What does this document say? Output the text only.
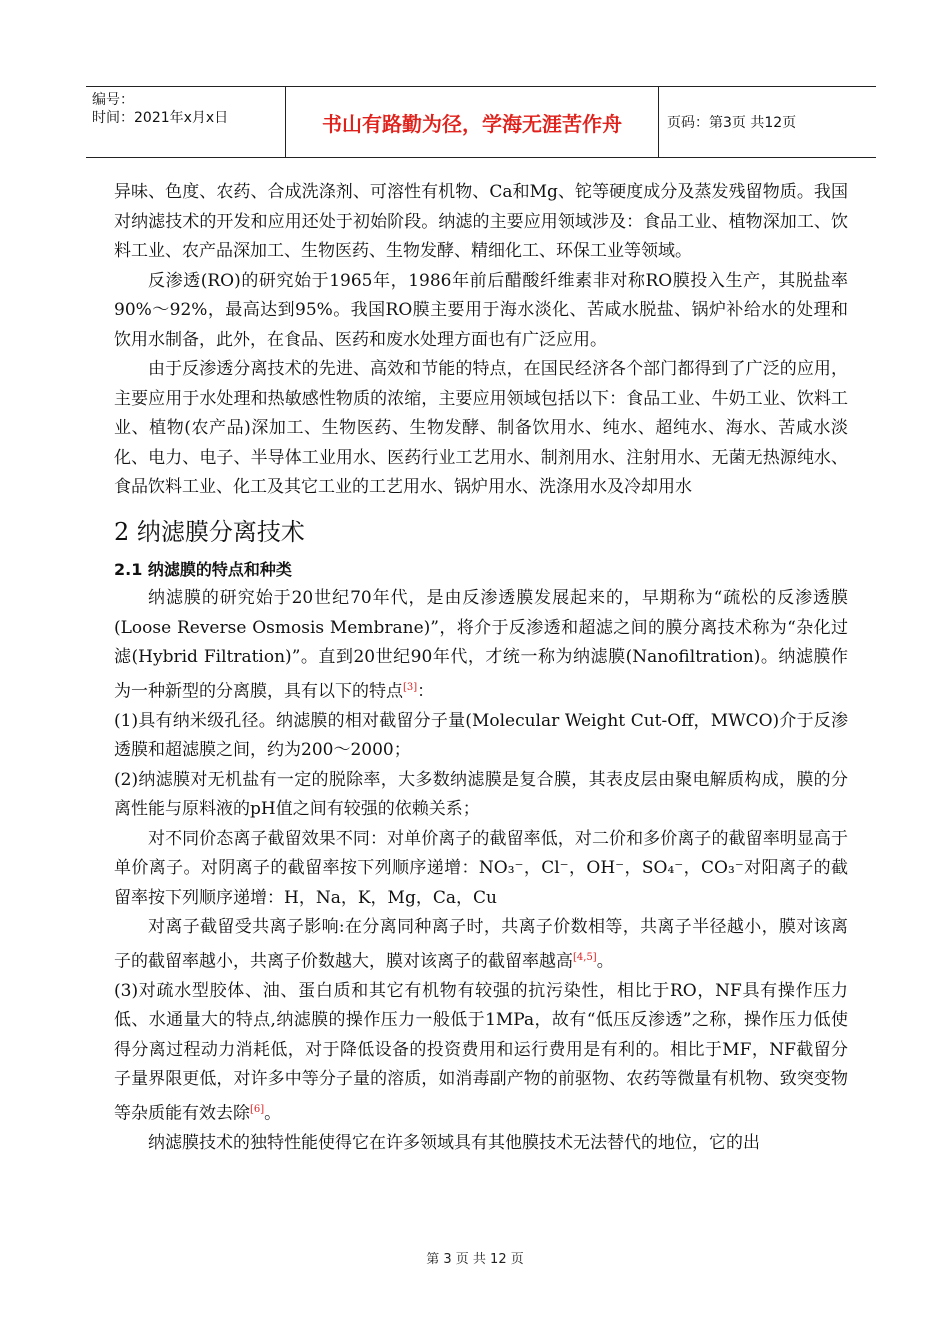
编号：
时间：2021年x月x日	书山有路勤为径，学海无涯苦作舟	页码：第3页 共12页

异味、色度、农药、合成洗涤剂、可溶性有机物、Ca和Mg、铊等硬度成分及蒸发残留物质。我国对纳滤技术的开发和应用还处于初始阶段。纳滤的主要应用领域涉及：食品工业、植物深加工、饮料工业、农产品深加工、生物医药、生物发酵、精细化工、环保工业等领域。

反渗透(RO)的研究始于1965年，1986年前后醋酸纤维素非对称RO膜投入生产，其脱盐率90%～92%，最高达到95%。我国RO膜主要用于海水淡化、苦咸水脱盐、锅炉补给水的处理和饮用水制备，此外，在食品、医药和废水处理方面也有广泛应用。

由于反渗透分离技术的先进、高效和节能的特点，在国民经济各个部门都得到了广泛的应用，主要应用于水处理和热敏感性物质的浓缩，主要应用领域包括以下：食品工业、牛奶工业、饮料工业、植物(农产品)深加工、生物医药、生物发酵、制备饮用水、纯水、超纯水、海水、苦咸水淡化、电力、电子、半导体工业用水、医药行业工艺用水、制剂用水、注射用水、无菌无热源纯水、食品饮料工业、化工及其它工业的工艺用水、锅炉用水、洗涤用水及冷却用水

2 纳滤膜分离技术

2.1 纳滤膜的特点和种类

纳滤膜的研究始于20世纪70年代，是由反渗透膜发展起来的，早期称为“疏松的反渗透膜(Loose Reverse Osmosis Membrane)”，将介于反渗透和超滤之间的膜分离技术称为“杂化过滤(Hybrid Filtration)”。直到20世纪90年代，才统一称为纳滤膜(Nanofiltration)。纳滤膜作为一种新型的分离膜，具有以下的特点[3]：

(1)具有纳米级孔径。纳滤膜的相对截留分子量(Molecular Weight Cut-Off，MWCO)介于反渗透膜和超滤膜之间，约为200～2000；

(2)纳滤膜对无机盐有一定的脱除率，大多数纳滤膜是复合膜，其表皮层由聚电解质构成，膜的分离性能与原料液的pH值之间有较强的依赖关系；

对不同价态离子截留效果不同：对单价离子的截留率低，对二价和多价离子的截留率明显高于单价离子。对阴离子的截留率按下列顺序递增：NO₃⁻，Cl⁻，OH⁻，SO₄⁻，CO₃⁻对阳离子的截留率按下列顺序递增：H，Na，K，Mg，Ca，Cu

对离子截留受共离子影响:在分离同种离子时，共离子价数相等，共离子半径越小，膜对该离子的截留率越小，共离子价数越大，膜对该离子的截留率越高[4,5]。

(3)对疏水型胶体、油、蛋白质和其它有机物有较强的抗污染性，相比于RO，NF具有操作压力低、水通量大的特点,纳滤膜的操作压力一般低于1MPa，故有“低压反渗透”之称，操作压力低使得分离过程动力消耗低，对于降低设备的投资费用和运行费用是有利的。相比于MF，NF截留分子量界限更低，对许多中等分子量的溶质，如消毒副产物的前驱物、农药等微量有机物、致突变物等杂质能有效去除[6]。

纳滤膜技术的独特性能使得它在许多领域具有其他膜技术无法替代的地位，它的出

第 3 页 共 12 页
